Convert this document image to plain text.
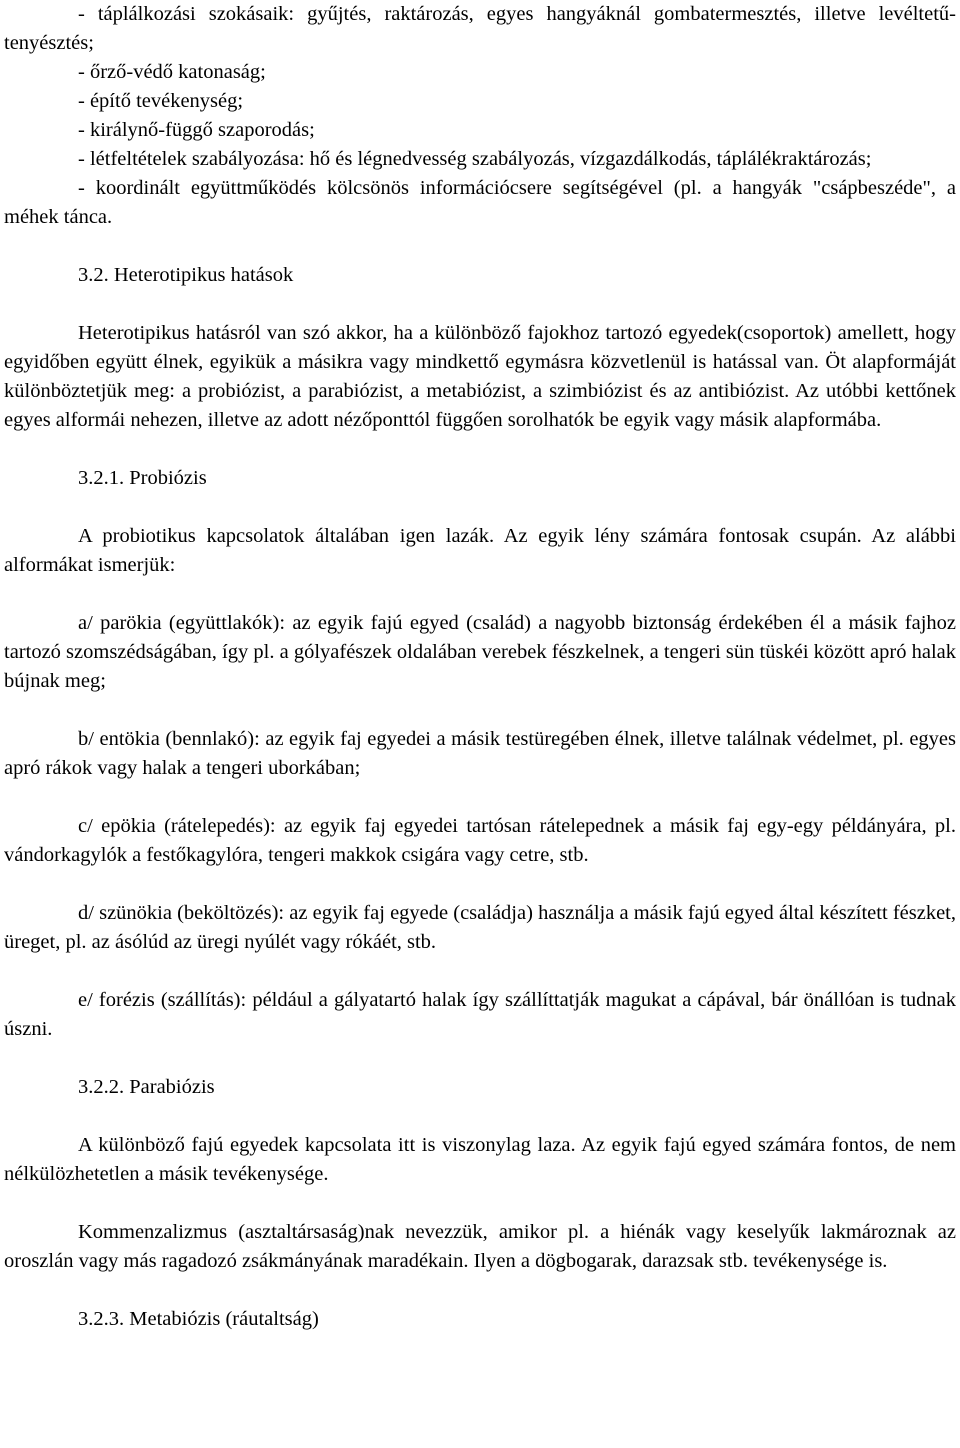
- táplálkozási szokásaik: gyűjtés, raktározás, egyes hangyáknál gombatermesztés, illetve levéltetű-tenyésztés;

- őrző-védő katonaság;

- építő tevékenység;

- királynő-függő szaporodás;

- létfeltételek szabályozása: hő és légnedvesség szabályozás, vízgazdálkodás, táplálékraktározás;

- koordinált együttműködés kölcsönös információcsere segítségével (pl. a hangyák "csápbeszéde", a méhek tánca.

3.2. Heterotipikus hatások

Heterotipikus hatásról van szó akkor, ha a különböző fajokhoz tartozó egyedek(csoportok) amellett, hogy egyidőben együtt élnek, egyikük a másikra vagy mindkettő egymásra közvetlenül is hatással van. Öt alapformáját különböztetjük meg: a probiózist, a parabiózist, a metabiózist, a szimbiózist és az antibiózist. Az utóbbi kettőnek egyes alformái nehezen, illetve az adott nézőponttól függően sorolhatók be egyik vagy másik alapformába.

3.2.1. Probiózis

A probiotikus kapcsolatok általában igen lazák. Az egyik lény számára fontosak csupán. Az alábbi alformákat ismerjük:

a/ parökia (együttlakók): az egyik fajú egyed (család) a nagyobb biztonság érdekében él a másik fajhoz tartozó szomszédságában, így pl. a gólyafészek oldalában verebek fészkelnek, a tengeri sün tüskéi között apró halak bújnak meg;

b/ entökia (bennlakó): az egyik faj egyedei a másik testüregében élnek, illetve találnak védelmet, pl. egyes apró rákok vagy halak a tengeri uborkában;

c/ epökia (rátelepedés): az egyik faj egyedei tartósan rátelepednek a másik faj egy-egy példányára, pl. vándorkagylók a festőkagylóra, tengeri makkok csigára vagy cetre, stb.

d/ szünökia (beköltözés): az egyik faj egyede (családja) használja a másik fajú egyed által készített fészket, üreget, pl. az ásólúd az üregi nyúlét vagy rókáét, stb.

e/ forézis (szállítás): például a gályatartó halak így szállíttatják magukat a cápával, bár önállóan is tudnak úszni.

3.2.2. Parabiózis

A különböző fajú egyedek kapcsolata itt is viszonylag laza. Az egyik fajú egyed számára fontos, de nem nélkülözhetetlen a másik tevékenysége.

Kommenzalizmus (asztaltársaság)nak nevezzük, amikor pl. a hiénák vagy keselyűk lakmároznak az oroszlán vagy más ragadozó zsákmányának maradékain. Ilyen a dögbogarak, darazsak stb. tevékenysége is.

3.2.3. Metabiózis (ráutaltság)
